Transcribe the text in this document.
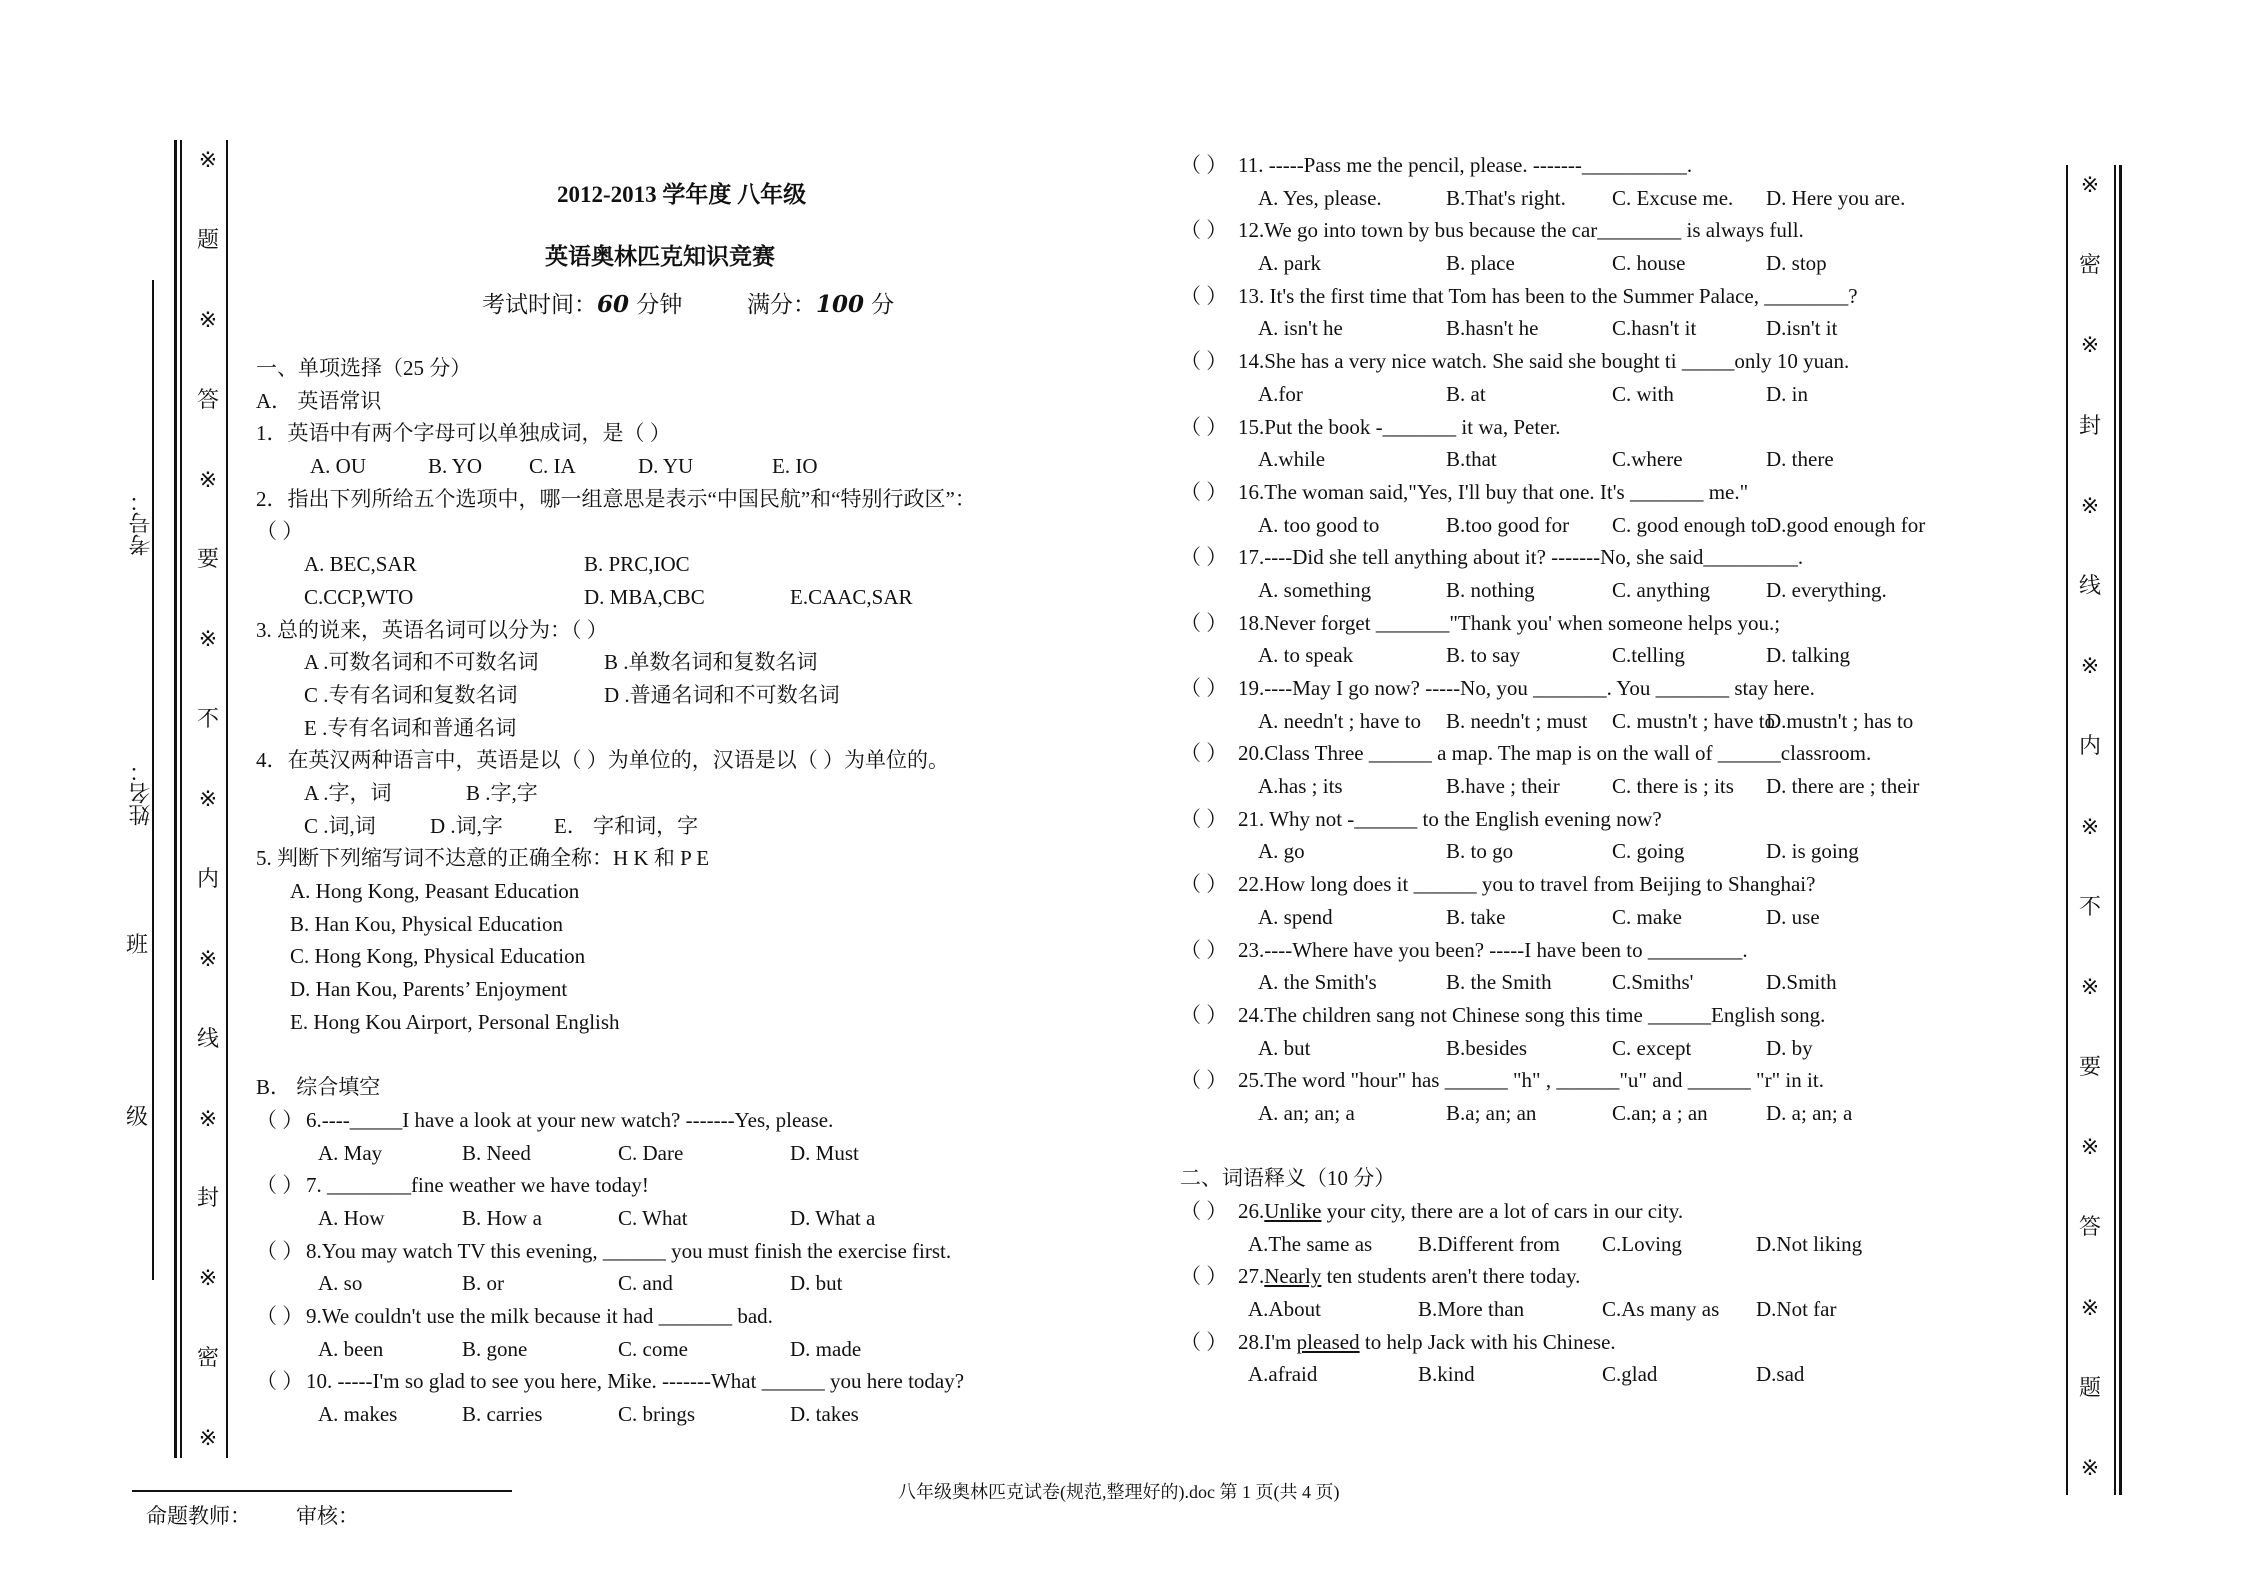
※
题
※
答
※
要
※
不
※
内
※
线
※
封
※
密
※
考号：
姓名：
班
级
※
密
※
封
※
线
※
内
※
不
※
要
※
答
※
题
※
2012-2013 学年度 八年级
英语奥林匹克知识竞赛
考试时间：60 分钟	满分：100 分
一、单项选择（25 分）
A． 英语常识
1．英语中有两个字母可以单独成词，是（ ）
A. OU	B. YO C. IA	D. YU	E. IO
2．指出下列所给五个选项中，哪一组意思是表示“中国民航”和“特别行政区”：
（ ）
A. BEC,SAR	B. PRC,IOC
C.CCP,WTO	D. MBA,CBC	E.CAAC,SAR
3. 总的说来，英语名词可以分为：（ ）
A .可数名词和不可数名词	B .单数名词和复数名词
C .专有名词和复数名词	D .普通名词和不可数名词
E .专有名词和普通名词
4．在英汉两种语言中，英语是以（ ）为单位的，汉语是以（ ）为单位的。
A .字，词	B .字,字
C .词,词	D .词,字 E． 字和词，字
5. 判断下列缩写词不达意的正确全称：H K 和 P E
A. Hong Kong, Peasant Education
B. Han Kou, Physical Education
C. Hong Kong, Physical Education
D. Han Kou, Parents’ Enjoyment
E. Hong Kou Airport, Personal English
B． 综合填空
（ ） 6.----_____I have a look at your new watch? -------Yes, please.
A. May	B. Need	C. Dare	D. Must
（ ） 7. ________fine weather we have today!
A. How	B. How a	C. What	D. What a
（ ） 8.You may watch TV this evening, ______ you must finish the exercise first.
A. so	B. or	C. and	D. but
（ ） 9.We couldn't use the milk because it had _______ bad.
A. been	B. gone	C. come	D. made
（ ） 10. -----I'm so glad to see you here, Mike. -------What ______ you here today?
A. makes	B. carries	C. brings	D. takes
（ ） 11. -----Pass me the pencil, please. -------__________.
A. Yes, please.	B.That's right. C. Excuse me. D. Here you are.
（ ） 12.We go into town by bus because the car________ is always full.
A. park	B. place	C. house	D. stop
（ ） 13. It's the first time that Tom has been to the Summer Palace, ________?
A. isn't he	B.hasn't he	C.hasn't it	D.isn't it
（ ） 14.She has a very nice watch. She said she bought ti _____only 10 yuan.
A.for	B. at	C. with	D. in
（ ） 15.Put the book -_______ it wa, Peter.
A.while	B.that	C.where	D. there
（ ） 16.The woman said,"Yes, I'll buy that one. It's _______ me."
A. too good to	B.too good for C. good enough to
D.good enough for
（ ） 17.----Did she tell anything about it? -------No, she said_________.
A. something	B. nothing	C. anything	D. everything.
（ ） 18.Never forget _______"Thank you' when someone helps you.;
A. to speak	B. to say	C.telling	D. talking
（ ） 19.----May I go now? -----No, you _______. You _______ stay here.
A. needn't ; have to B. needn't ; must C. mustn't ; have to
D.mustn't ; has to
（ ） 20.Class Three ______ a map. The map is on the wall of ______classroom.
A.has ; its	B.have ; their C. there is ; its D. there are ; their
（ ） 21. Why not -______ to the English evening now?
A. go	B. to go	C. going	D. is going
（ ） 22.How long does it ______ you to travel from Beijing to Shanghai?
A. spend	B. take	C. make	D. use
（ ） 23.----Where have you been? -----I have been to _________.
A. the Smith's	B. the Smith	C.Smiths'	D.Smith
（ ） 24.The children sang not Chinese song this time ______English song.
A. but	B.besides	C. except	D. by
（ ） 25.The word "hour" has ______ "h" , ______"u" and ______ "r" in it.
A. an; an; a	B.a; an; an	C.an; a ; an	D. a; an; a
二、词语释义（10 分）
（ ） 26.Unlike your city, there are a lot of cars in our city.
A.The same as B.Different from C.Loving	D.Not liking
（ ） 27.Nearly ten students aren't there today.
A.About	B.More than	C.As many as D.Not far
（ ） 28.I'm pleased to help Jack with his Chinese.
A.afraid	B.kind	C.glad	D.sad
命题教师： 审核：
八年级奥林匹克试卷(规范,整理好的).doc 第 1 页(共 4 页)
